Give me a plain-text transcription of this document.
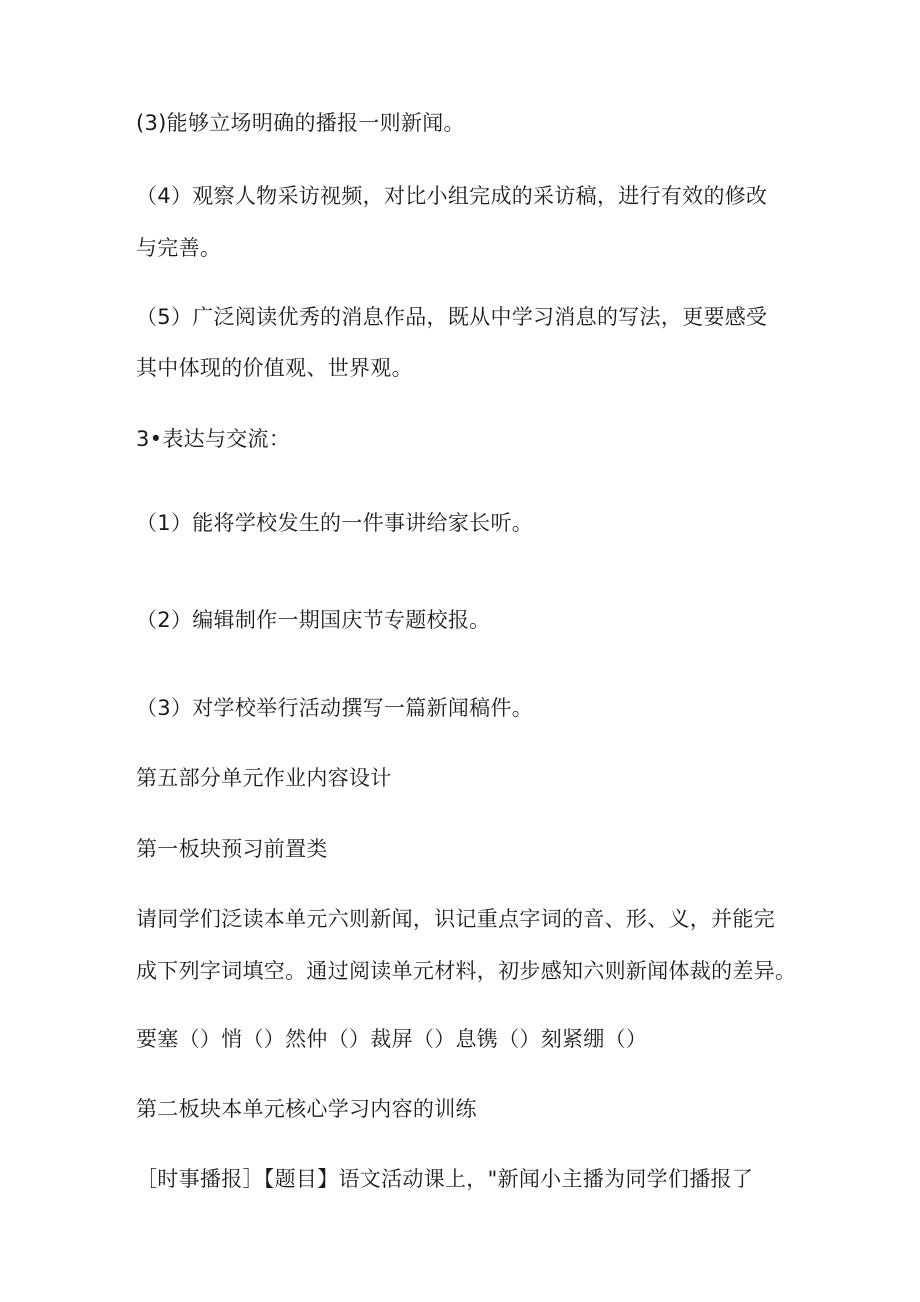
(3)能够立场明确的播报一则新闻。
（4）观察人物采访视频，对比小组完成的采访稿，进行有效的修改
与完善。
（5）广泛阅读优秀的消息作品，既从中学习消息的写法，更要感受
其中体现的价值观、世界观。
3•表达与交流：
（1）能将学校发生的一件事讲给家长听。
（2）编辑制作一期国庆节专题校报。
（3）对学校举行活动撰写一篇新闻稿件。
第五部分单元作业内容设计
第一板块预习前置类
请同学们泛读本单元六则新闻，识记重点字词的音、形、义，并能完
成下列字词填空。通过阅读单元材料，初步感知六则新闻体裁的差异。
要塞（）悄（）然仲（）裁屏（）息镌（）刻紧绷（）
第二板块本单元核心学习内容的训练
［时事播报］【题目】语文活动课上，"新闻小主播为同学们播报了
